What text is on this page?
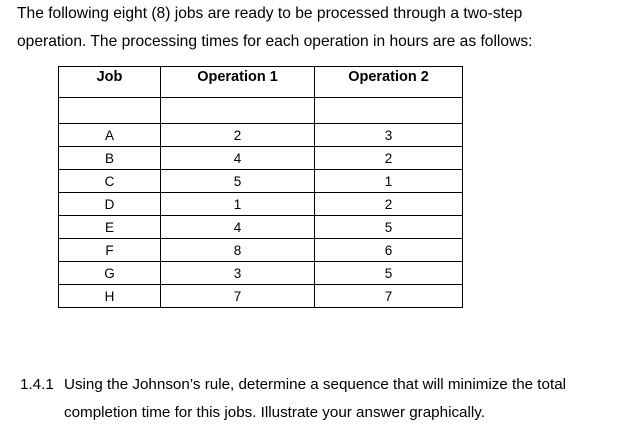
The following eight (8) jobs are ready to be processed through a two-step
operation. The processing times for each operation in hours are as follows:
Job	Operation 1	Operation 2

A	2	3
B	4	2
C	5	1
D	1	2
E	4	5
F	8	6
G	3	5
H	7	7
1.4.1 Using the Johnson’s rule, determine a sequence that will minimize the total
completion time for this jobs. Illustrate your answer graphically.
